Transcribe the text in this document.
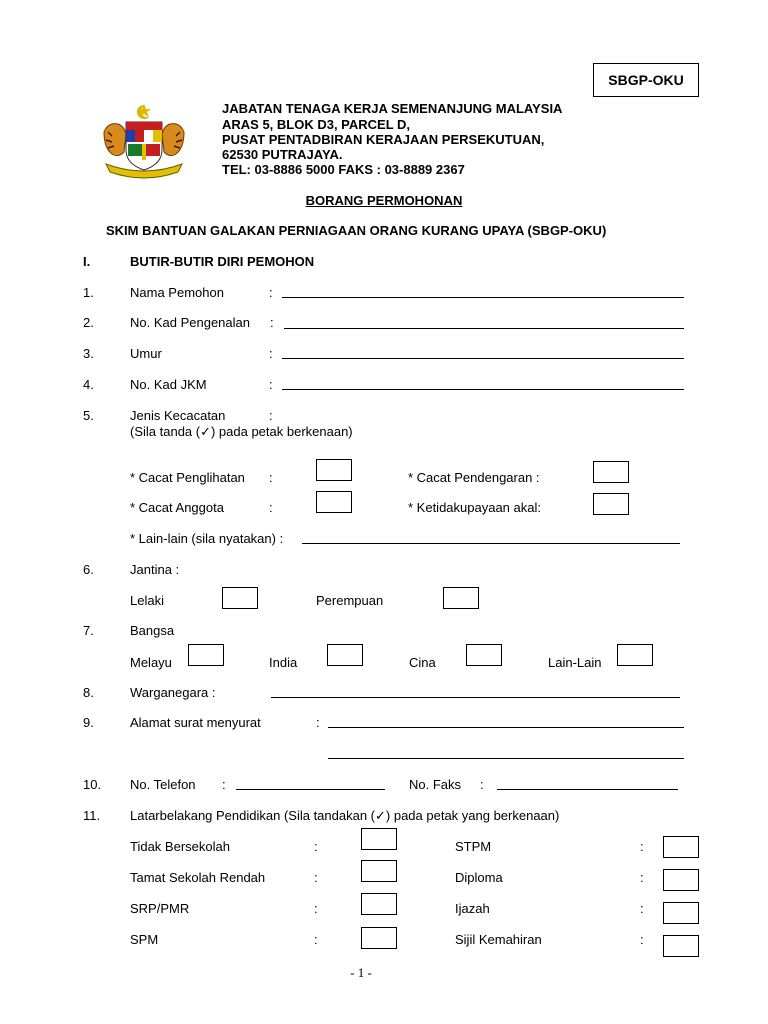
SBGP-OKU
JABATAN TENAGA KERJA SEMENANJUNG MALAYSIA
ARAS 5, BLOK D3, PARCEL D,
PUSAT PENTADBIRAN KERAJAAN PERSEKUTUAN,
62530 PUTRAJAYA.
TEL: 03-8886 5000 FAKS : 03-8889 2367
BORANG PERMOHONAN
SKIM BANTUAN GALAKAN PERNIAGAAN ORANG KURANG UPAYA (SBGP-OKU)
I.	BUTIR-BUTIR DIRI PEMOHON
1.	Nama Pemohon	:
2.	No. Kad Pengenalan :
3.	Umur	:
4.	No. Kad JKM	:
5.	Jenis Kecacatan	:
(Sila tanda (✓) pada petak berkenaan)
* Cacat Penglihatan :	* Cacat Pendengaran :
* Cacat Anggota	:	* Ketidakupayaan akal:
* Lain-lain (sila nyatakan) :
6.	Jantina :
Lelaki	Perempuan
7.	Bangsa
Melayu	India	Cina	Lain-Lain
8.	Warganegara :
9.	Alamat surat menyurat	:
10. No. Telefon :	No. Faks :
11. Latarbelakang Pendidikan (Sila tandakan (✓) pada petak yang berkenaan)
Tidak Bersekolah	:	STPM	:
Tamat Sekolah Rendah	:	Diploma	:
SRP/PMR	:	Ijazah	:
SPM	:	Sijil Kemahiran	:
- 1 -
